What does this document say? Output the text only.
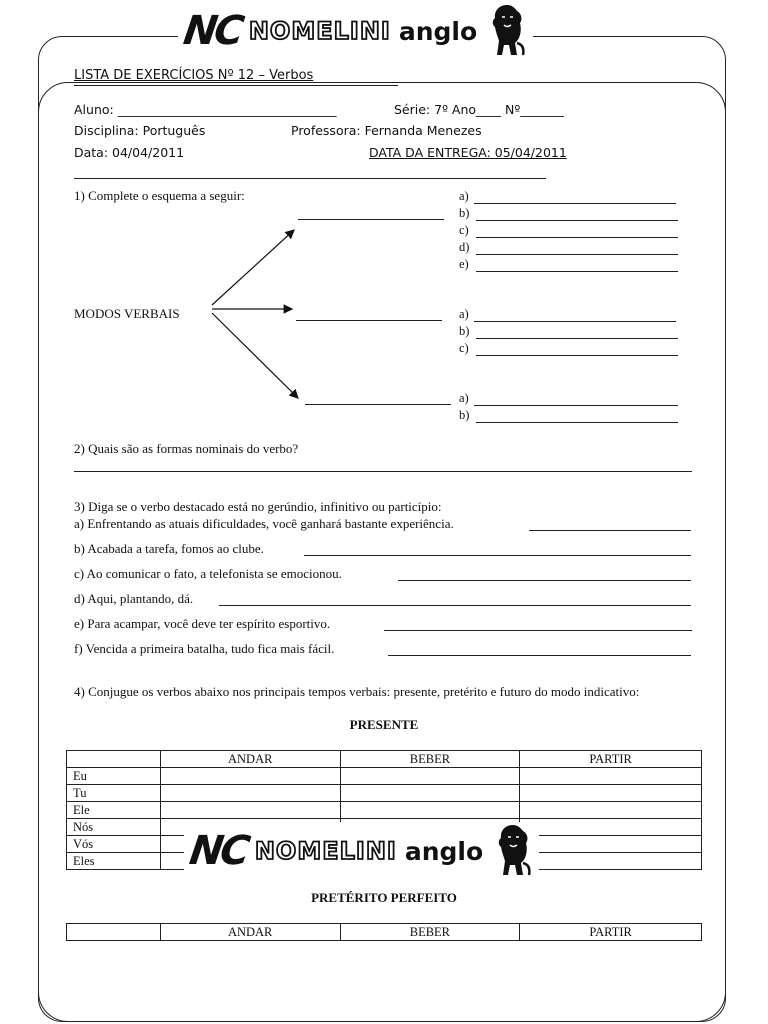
NC NOMELINI anglo
LISTA DE EXERCÍCIOS Nº 12 – Verbos
Aluno: ___________________________________	Série: 7º Ano____ Nº_______
Disciplina: Português	Professora: Fernanda Menezes
Data: 04/04/2011	DATA DA ENTREGA: 05/04/2011
1) Complete o esquema a seguir:
MODOS VERBAIS
a)
b)
c)
d)
e)
a)
b)
c)
a)
b)
2) Quais são as formas nominais do verbo?
3) Diga se o verbo destacado está no gerúndio, infinitivo ou particípio:
a) Enfrentando as atuais dificuldades, você ganhará bastante experiência.
b) Acabada a tarefa, fomos ao clube.
c) Ao comunicar o fato, a telefonista se emocionou.
d) Aqui, plantando, dá.
e) Para acampar, você deve ter espírito esportivo.
f) Vencida a primeira batalha, tudo fica mais fácil.
4) Conjugue os verbos abaixo nos principais tempos verbais: presente, pretérito e futuro do modo indicativo:
PRESENTE
	ANDAR	BEBER	PARTIR
Eu			
Tu			
Ele			
Nós			
Vós			
Eles			NC NOMELINI anglo
PRETÉRITO PERFEITO
	ANDAR	BEBER	PARTIR
